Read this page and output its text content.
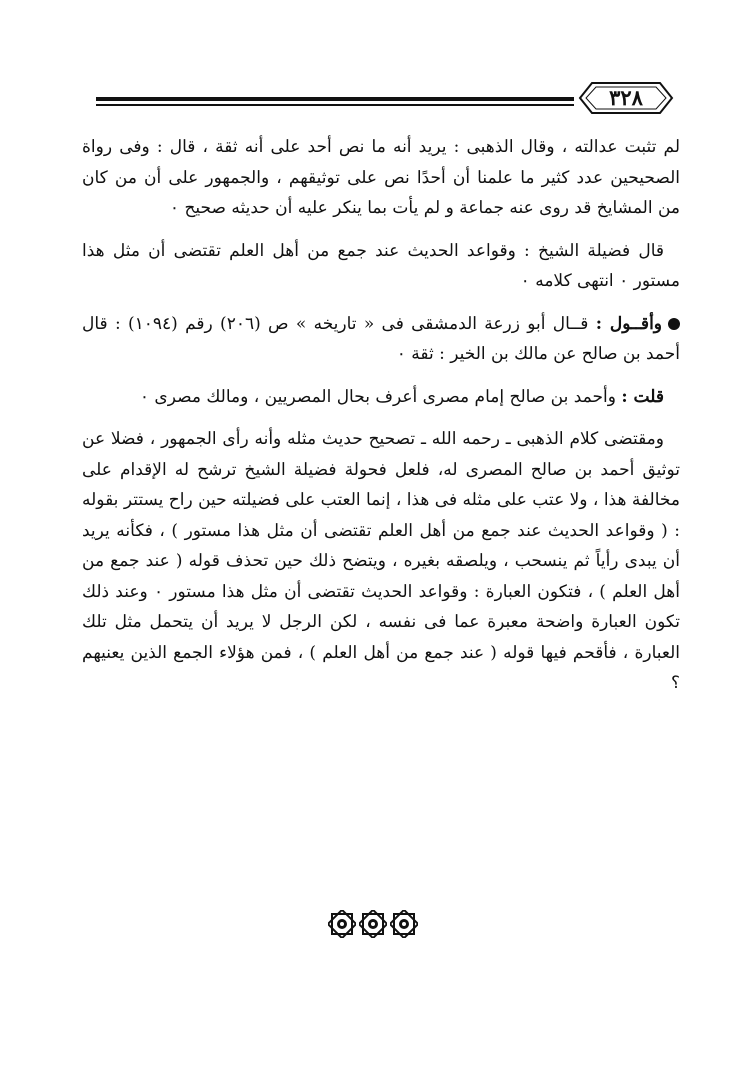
٣٢٨

لم تثبت عدالته ، وقال الذهبى : يريد أنه ما نص أحد على أنه ثقة ، قال : وفى رواة الصحيحين عدد كثير ما علمنا أن أحدًا نص على توثيقهم ، والجمهور على أن من كان من المشايخ قد روى عنه جماعة و لم يأت بما ينكر عليه أن حديثه صحيح ٠

قال فضيلة الشيخ : وقواعد الحديث عند جمع من أهل العلم تقتضى أن مثل هذا مستور ٠ انتهى كلامه ٠

وأقــول : قــال أبو زرعة الدمشقى فى « تاريخه » ص (٢٠٦) رقم (١٠٩٤) : قال أحمد بن صالح عن مالك بن الخير : ثقة ٠

قلت : وأحمد بن صالح إمام مصرى أعرف بحال المصريين ، ومالك مصرى ٠

ومقتضى كلام الذهبى ـ رحمه الله ـ تصحيح حديث مثله وأنه رأى الجمهور ، فضلا عن توثيق أحمد بن صالح المصرى له، فلعل فحولة فضيلة الشيخ ترشح له الإقدام على مخالفة هذا ، ولا عتب على مثله فى هذا ، إنما العتب على فضيلته حين راح يستتر بقوله : ( وقواعد الحديث عند جمع من أهل العلم تقتضى أن مثل هذا مستور ) ، فكأنه يريد أن يبدى رأياً ثم ينسحب ، ويلصقه بغيره ، ويتضح ذلك حين تحذف قوله ( عند جمع من أهل العلم ) ، فتكون العبارة : وقواعد الحديث تقتضى أن مثل هذا مستور ٠ وعند ذلك تكون العبارة واضحة معبرة عما فى نفسه ، لكن الرجل لا يريد أن يتحمل مثل تلك العبارة ، فأقحم فيها قوله ( عند جمع من أهل العلم ) ، فمن هؤلاء الجمع الذين يعنيهم ؟
